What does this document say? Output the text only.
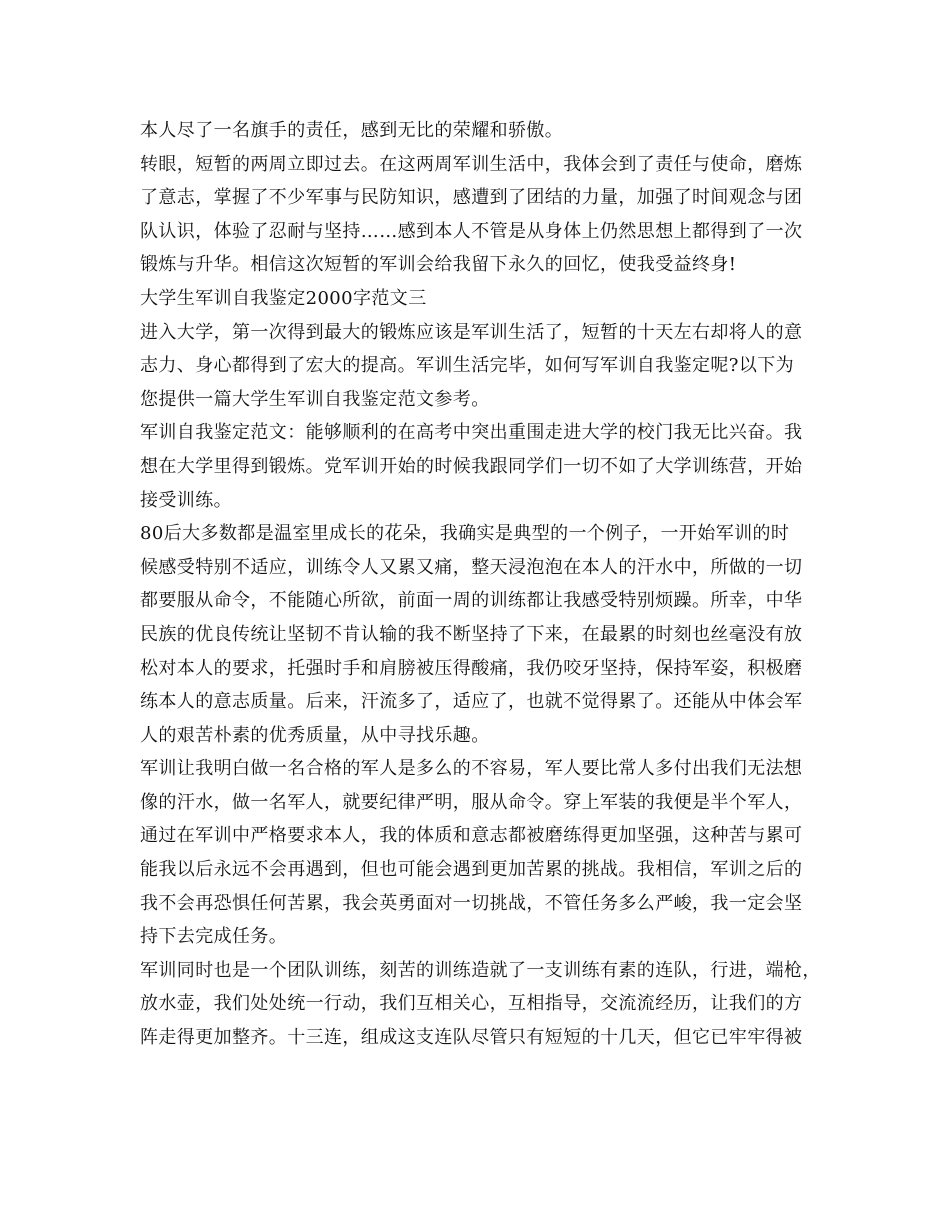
本人尽了一名旗手的责任，感到无比的荣耀和骄傲。
转眼，短暂的两周立即过去。在这两周军训生活中，我体会到了责任与使命，磨炼
了意志，掌握了不少军事与民防知识，感遭到了团结的力量，加强了时间观念与团
队认识，体验了忍耐与坚持……感到本人不管是从身体上仍然思想上都得到了一次
锻炼与升华。相信这次短暂的军训会给我留下永久的回忆，使我受益终身!
大学生军训自我鉴定2000字范文三
进入大学，第一次得到最大的锻炼应该是军训生活了，短暂的十天左右却将人的意
志力、身心都得到了宏大的提高。军训生活完毕，如何写军训自我鉴定呢?以下为
您提供一篇大学生军训自我鉴定范文参考。
军训自我鉴定范文：能够顺利的在高考中突出重围走进大学的校门我无比兴奋。我
想在大学里得到锻炼。党军训开始的时候我跟同学们一切不如了大学训练营，开始
接受训练。
80后大多数都是温室里成长的花朵，我确实是典型的一个例子，一开始军训的时
候感受特别不适应，训练令人又累又痛，整天浸泡泡在本人的汗水中，所做的一切
都要服从命令，不能随心所欲，前面一周的训练都让我感受特别烦躁。所幸，中华
民族的优良传统让坚韧不肯认输的我不断坚持了下来，在最累的时刻也丝毫没有放
松对本人的要求，托强时手和肩膀被压得酸痛，我仍咬牙坚持，保持军姿，积极磨
练本人的意志质量。后来，汗流多了，适应了，也就不觉得累了。还能从中体会军
人的艰苦朴素的优秀质量，从中寻找乐趣。
军训让我明白做一名合格的军人是多么的不容易，军人要比常人多付出我们无法想
像的汗水，做一名军人，就要纪律严明，服从命令。穿上军装的我便是半个军人，
通过在军训中严格要求本人，我的体质和意志都被磨练得更加坚强，这种苦与累可
能我以后永远不会再遇到，但也可能会遇到更加苦累的挑战。我相信，军训之后的
我不会再恐惧任何苦累，我会英勇面对一切挑战，不管任务多么严峻，我一定会坚
持下去完成任务。
军训同时也是一个团队训练，刻苦的训练造就了一支训练有素的连队，行进，端枪，
放水壶，我们处处统一行动，我们互相关心，互相指导，交流流经历，让我们的方
阵走得更加整齐。十三连，组成这支连队尽管只有短短的十几天，但它已牢牢得被
